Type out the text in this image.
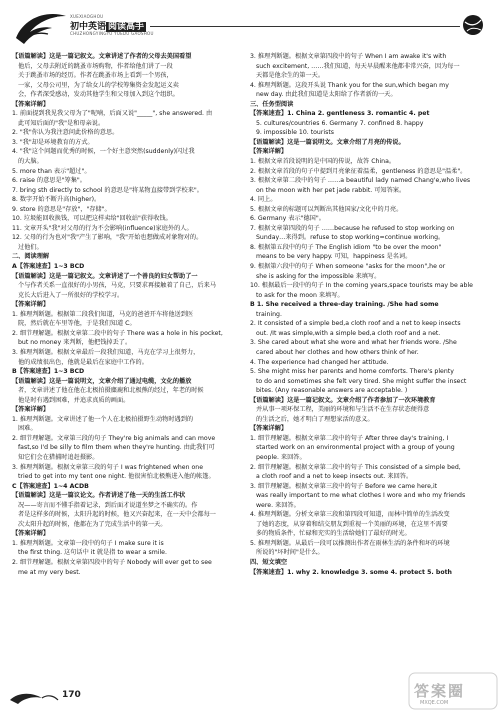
XUEXIAOGHOU
初中英语 阅读高手
CHUZHONGYINGYU YUEDU GAOSHOU
【语篇解读】这是一篇记叙文。文章讲述了作者的父母去美国看望
他后，父母去附近的跳蚤市场购物，作者给他们讲了一段
关于跳蚤市场的经历。作者在跳蚤市场上看到一个男孩，
一家，父母公司里，为了给女儿的学校筹集资金发起运义卖
会，作者深受感动，发动其他学生和父母加入到这个组织。
【答案详解】
1. 前面提到我见我父母为了"呢喃，后面又说"_____", she answered. 由
此可知后面的"我"是和母亲说。
2. "我"你认为我注意问此价格的意思。
3. "我"却是环境教育的方式。
4. "我"这个问题而优秀的时候，一个好主意突然(suddenly)闪过我
的大脑。
5. more than 表示"超过"。
6. raise 的意思是"筹集"。
7. bring sth directly to school 的意思是"将某物直接带到学校来"。
8. 数字开始不断升高(higher)。
9. store 的意思是"存放"，"存储"。
10. 垃圾能回收换钱，可以把这样卖给"回收站"获得收钱。
11. 文章开头"我"对父母的行为不会影响(influence)家庭外的人。
12. 父母的行为也对"我"产生了影响，"我"开始也想做成对象物对的。
过他们。
二、阅读理解
A【答案速查】1~3 BCD
【语篇解读】这是一篇记叙文。文章讲述了一个善良的妇女帮助了一
个与作者关系一直很好的小男孩，马克，只要求再接触着了自己，后来马
克长大后进入了一所很好的学校学习。
【答案详解】
1. 推理判断题。根据第二段我们知道，马克的爸爸开车将他送到医
院，然后就在车里等他，于是我们知道 C。
2. 细节理解题。根据文章第二段中的句子 There was a hole in his pocket,
but no money 来判断，他把钱掉丢了。
3. 推理判断题。根据文章最后一段我们知道，马克在学习上很努力，
他的成绩很出色，他就是最后在家庭中工作的。
B【答案速查】1~3 BCD
【语篇解读】这是一篇说明文，文章介绍了通过电缆，文化的播放
者，文章讲述了他在他在北极拍摄麋鹿和北极熊的经过，年老的时候
他是时有遇到困难，并追求真质的画面。
【答案详解】
1. 推理判断题。文章讲述了他一个人在北极拍摄野生动物时遇到的
困难。
2. 细节理解题。文章第三段的句子 They're big animals and can move
fast,so I'd be silly to film them when they're hunting. 由此我们可
知它们会在猎捕时追赶摄影。
3. 推理判断题。根据文章第三段的句子 I was frightened when one
tried to get into my tent one night. 他很害怕北极熊进入他的帐篷。
C【答案速查】1~4 ACDB
【语篇解读】这是一篇议论文。作者讲述了他一天的生活工作状
况——寄言而不懂手指着记录，到后面才说道坐梦之不确实的。作
者是这样多的时候，太阳升起的时候，他又兴奋起来，在一天中会都每一
次太阳升起的时候，他都在为了完成生活中的第一天。
【答案详解】
1. 推理判断题。文章第一段中的句子 I make sure it is
the first thing. 这句话中 it 就是指 to wear a smile.
2. 细节理解题。根据文章第四段中的句子 Nobody will ever get to see
me at my very best.
3. 推理判断题。根据文章第四段中的句子 When I am awake it's with
such excitement, ……我们知道，每天早晨醒来他都非常兴奋，因为每一
天都是他余生的第一天。
4. 推理判断题。这段开头说 Thank you for the sun,which began my
new day. 由此我们知道是太阳给了作者新的一天。
三、任务型阅读
【答案速查】1. China 2. gentleness 3. romantic 4. pet
5. cultures/countries 6. Germany 7. confined 8. happy
9. impossible 10. tourists
【语篇解读】这是一篇说明文。文章介绍了月亮的传说。
【答案详解】
1. 根据文章首段说明的是中国的传说，故答 China。
2. 根据文章首段的句子中提到月亮象征着温柔，gentleness 的意思是"温柔"。
3. 根据文章第二段中的句子 ……a beautiful lady named Chang'e,who lives
on the moon with her pet jade rabbit. 可知答案。
4. 同上。
5. 根据文章的标题可以判断出其他国家/文化中的月亮。
6. Germany 表示"德国"。
7. 根据文章第四段的句子 ……because he refused to stop working on
Sunday…来得到。refuse to stop working=continue working。
8. 根据第五段中的句子 The English idiom "to be over the moon"
means to be very happy. 可知，happiness 是名词。
9. 根据第六段中的句子 When someone "asks for the moon",he or
she is asking for the impossible 来填写。
10. 根据最后一段中的句子 In the coming years,space tourists may be able
to ask for the moon 来填写。
B 1. She received a three-day training. /She had some
training.
2. It consisted of a simple bed,a cloth roof and a net to keep insects
out. /It was simple,with a simple bed,a cloth roof and a net.
3. She cared about what she wore and what her friends wore. /She
cared about her clothes and how others think of her.
4. The experience had changed her attitude.
5. She might miss her parents and home comforts. There's plenty
to do and sometimes she felt very tired. She might suffer the insect
bites. (Any reasonable answers are acceptable. )
【语篇解读】这是一篇记叙文。文章介绍了作者参加了一次环境教育
并从事一项环保工程，美丽的环境和与生活不在生存状态便得意
的生活之后，她才明白了理想家活的意义。
【答案详解】
1. 细节理解题。根据文章第二段中的句子 After three day's training, I
started work on an environmental project with a group of young
people. 来回答。
2. 细节理解题。根据文章第二段中的句子 This consisted of a simple bed,
a cloth roof and a net to keep insects out. 来回答。
3. 细节理解题。根据文章第三段中的句子 Before we came here,it
was really important to me what clothes I wore and who my friends
were. 来回答。
4. 推理判断题。分析文章第三段和第四段可知道，而林中简单的生活改变
了她的态度，从穿着和结交朋友到重视一个美丽的环境，在这里不需要
多的物质条件，忙碌和充实的生活给她们了最好的时光。
5. 推理判断题。从最后一段可以推测出作者在雨林生活的条件和坏的环境
所说的"坏时间"是什么。
四、短文填空
【答案速查】1. why 2. knowledge 3. some 4. protect 5. both
170	答案圈
MXQE.COM
